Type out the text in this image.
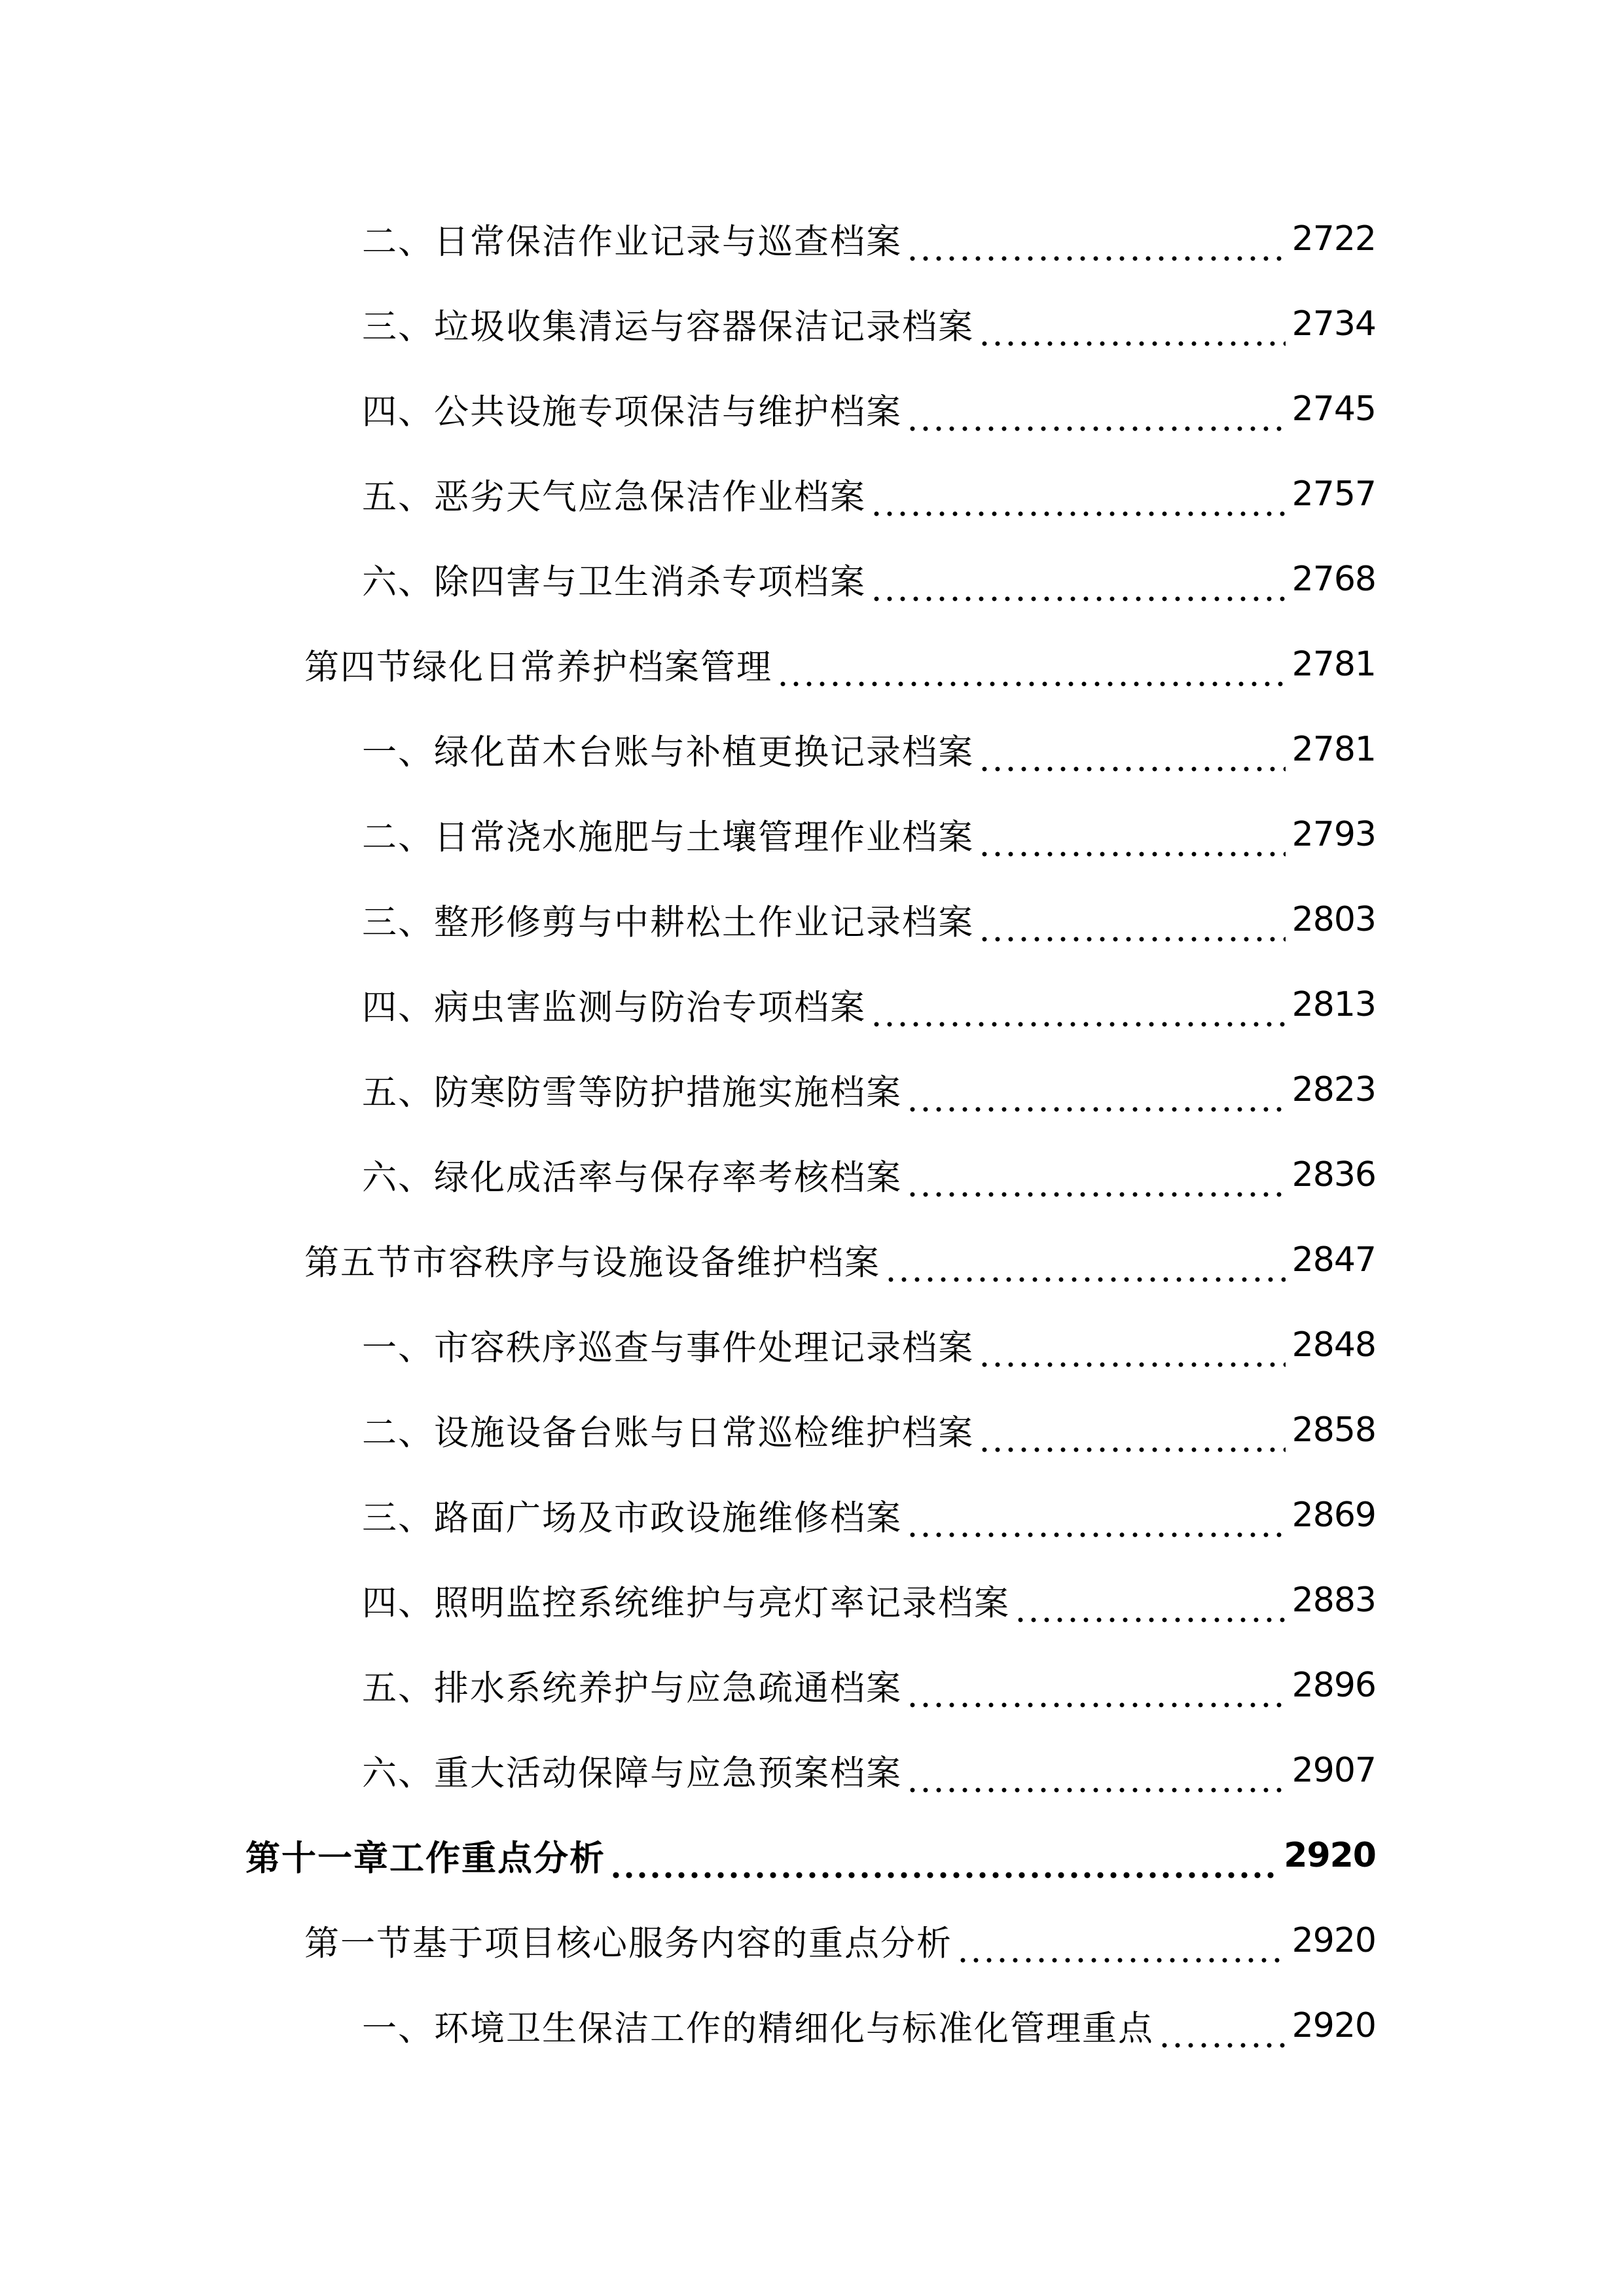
二、日常保洁作业记录与巡查档案	2722
三、垃圾收集清运与容器保洁记录档案	2734
四、公共设施专项保洁与维护档案	2745
五、恶劣天气应急保洁作业档案	2757
六、除四害与卫生消杀专项档案	2768
第四节绿化日常养护档案管理	2781
一、绿化苗木台账与补植更换记录档案	2781
二、日常浇水施肥与土壤管理作业档案	2793
三、整形修剪与中耕松土作业记录档案	2803
四、病虫害监测与防治专项档案	2813
五、防寒防雪等防护措施实施档案	2823
六、绿化成活率与保存率考核档案	2836
第五节市容秩序与设施设备维护档案	2847
一、市容秩序巡查与事件处理记录档案	2848
二、设施设备台账与日常巡检维护档案	2858
三、路面广场及市政设施维修档案	2869
四、照明监控系统维护与亮灯率记录档案	2883
五、排水系统养护与应急疏通档案	2896
六、重大活动保障与应急预案档案	2907
第十一章工作重点分析	2920
第一节基于项目核心服务内容的重点分析	2920
一、环境卫生保洁工作的精细化与标准化管理重点	2920
